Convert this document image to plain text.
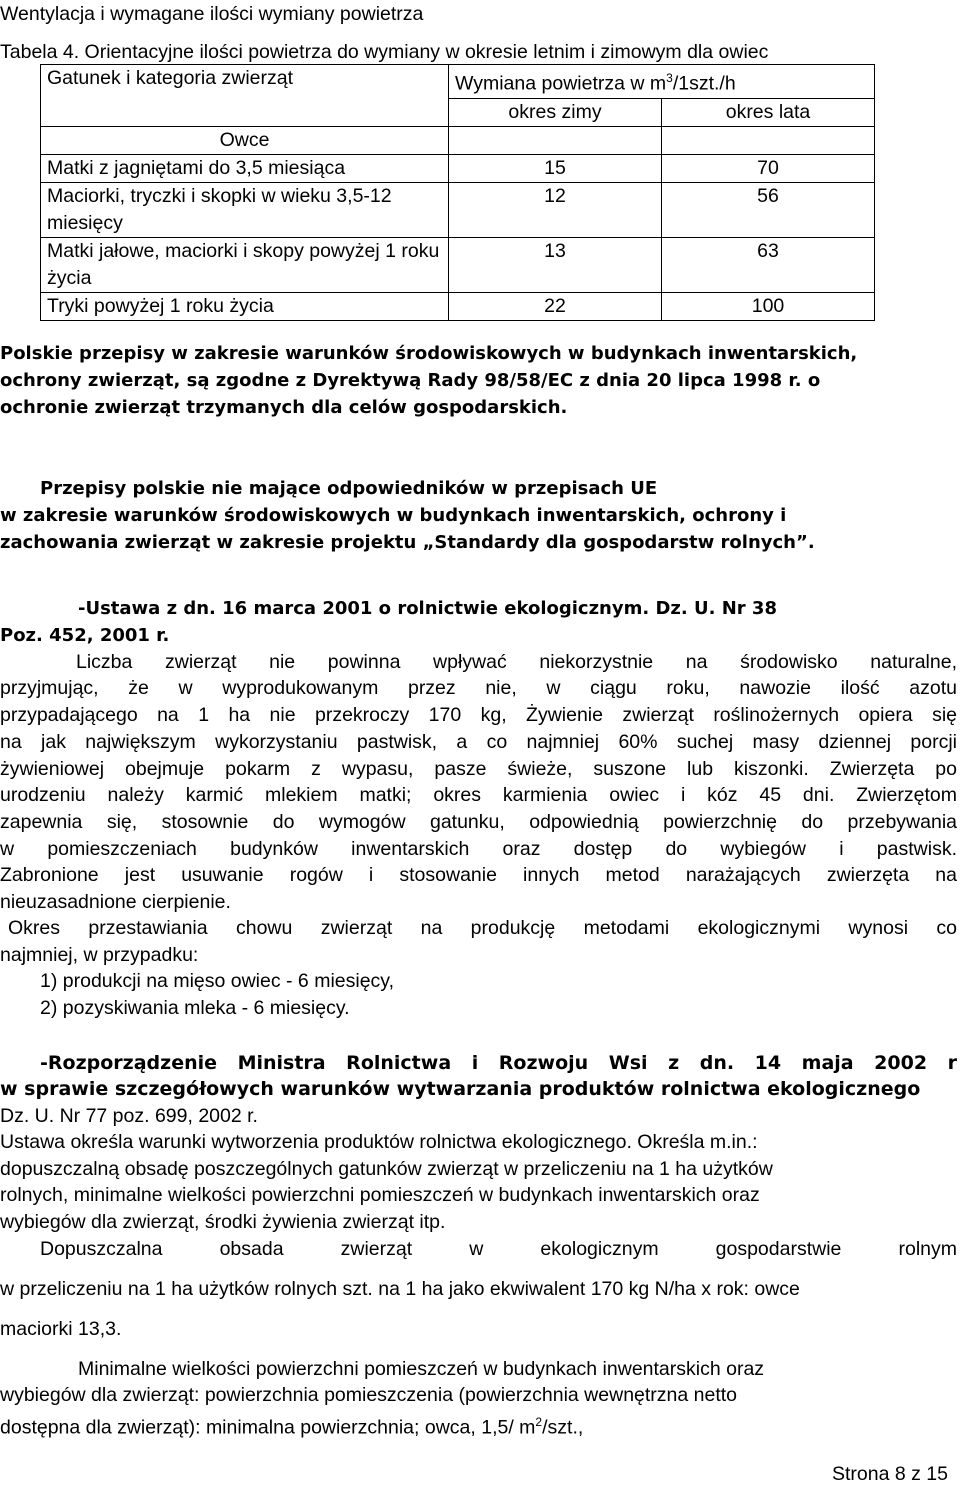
Wentylacja i wymagane ilości wymiany powietrza
Tabela 4. Orientacyjne ilości powietrza do wymiany w okresie letnim i zimowym dla owiec
Gatunek i kategoria zwierząt	Wymiana powietrza w $m^3/1szt./h$	
	okres zimy	okres lata
Owce		
Matki z jagniętami do 3,5 miesiąca	15	70
Maciorki, tryczki i skopki w wieku 3,5-12 miesięcy	12	56
Matki jałowe, maciorki i skopy powyżej 1 roku życia	13	63
Tryki powyżej 1 roku życia	22	100
Polskie przepisy w zakresie warunków środowiskowych w budynkach inwentarskich,
ochrony zwierząt, są zgodne z Dyrektywą Rady 98/58/EC z dnia 20 lipca 1998 r. o
ochronie zwierząt trzymanych dla celów gospodarskich.
Przepisy polskie nie mające odpowiedników w przepisach UE
w zakresie warunków środowiskowych w budynkach inwentarskich, ochrony i
zachowania zwierząt w zakresie projektu „Standardy dla gospodarstw rolnych”.
-Ustawa z dn. 16 marca 2001 o rolnictwie ekologicznym. Dz. U. Nr 38
Poz. 452, 2001 r.
Liczba zwierząt nie powinna wpływać niekorzystnie na środowisko naturalne,
przyjmując, że w wyprodukowanym przez nie, w ciągu roku, nawozie ilość azotu
przypadającego na 1 ha nie przekroczy 170 kg, Żywienie zwierząt roślinożernych opiera się
na jak największym wykorzystaniu pastwisk, a co najmniej 60% suchej masy dziennej porcji
żywieniowej obejmuje pokarm z wypasu, pasze świeże, suszone lub kiszonki. Zwierzęta po
urodzeniu należy karmić mlekiem matki; okres karmienia owiec i kóz 45 dni. Zwierzętom
zapewnia się, stosownie do wymogów gatunku, odpowiednią powierzchnię do przebywania
w pomieszczeniach budynków inwentarskich oraz dostęp do wybiegów i pastwisk.
Zabronione jest usuwanie rogów i stosowanie innych metod narażających zwierzęta na
nieuzasadnione cierpienie.
Okres przestawiania chowu zwierząt na produkcję metodami ekologicznymi wynosi co
najmniej, w przypadku:
1) produkcji na mięso owiec - 6 miesięcy,
2) pozyskiwania mleka - 6 miesięcy.
-Rozporządzenie Ministra Rolnictwa i Rozwoju Wsi z dn. 14 maja 2002 r
w sprawie szczegółowych warunków wytwarzania produktów rolnictwa ekologicznego
Dz. U. Nr 77 poz. 699, 2002 r.
Ustawa określa warunki wytworzenia produktów rolnictwa ekologicznego. Określa m.in.:
dopuszczalną obsadę poszczególnych gatunków zwierząt w przeliczeniu na 1 ha użytków
rolnych, minimalne wielkości powierzchni pomieszczeń w budynkach inwentarskich oraz
wybiegów dla zwierząt, środki żywienia zwierząt itp.
Dopuszczalna obsada zwierząt w ekologicznym gospodarstwie rolnym
w przeliczeniu na 1 ha użytków rolnych szt. na 1 ha jako ekwiwalent 170 kg N/ha x rok: owce
maciorki 13,3.
Minimalne wielkości powierzchni pomieszczeń w budynkach inwentarskich oraz
wybiegów dla zwierząt: powierzchnia pomieszczenia (powierzchnia wewnętrzna netto
dostępna dla zwierząt): minimalna powierzchnia; owca, 1,5/ $m^2$/szt.,
Strona 8 z 15
